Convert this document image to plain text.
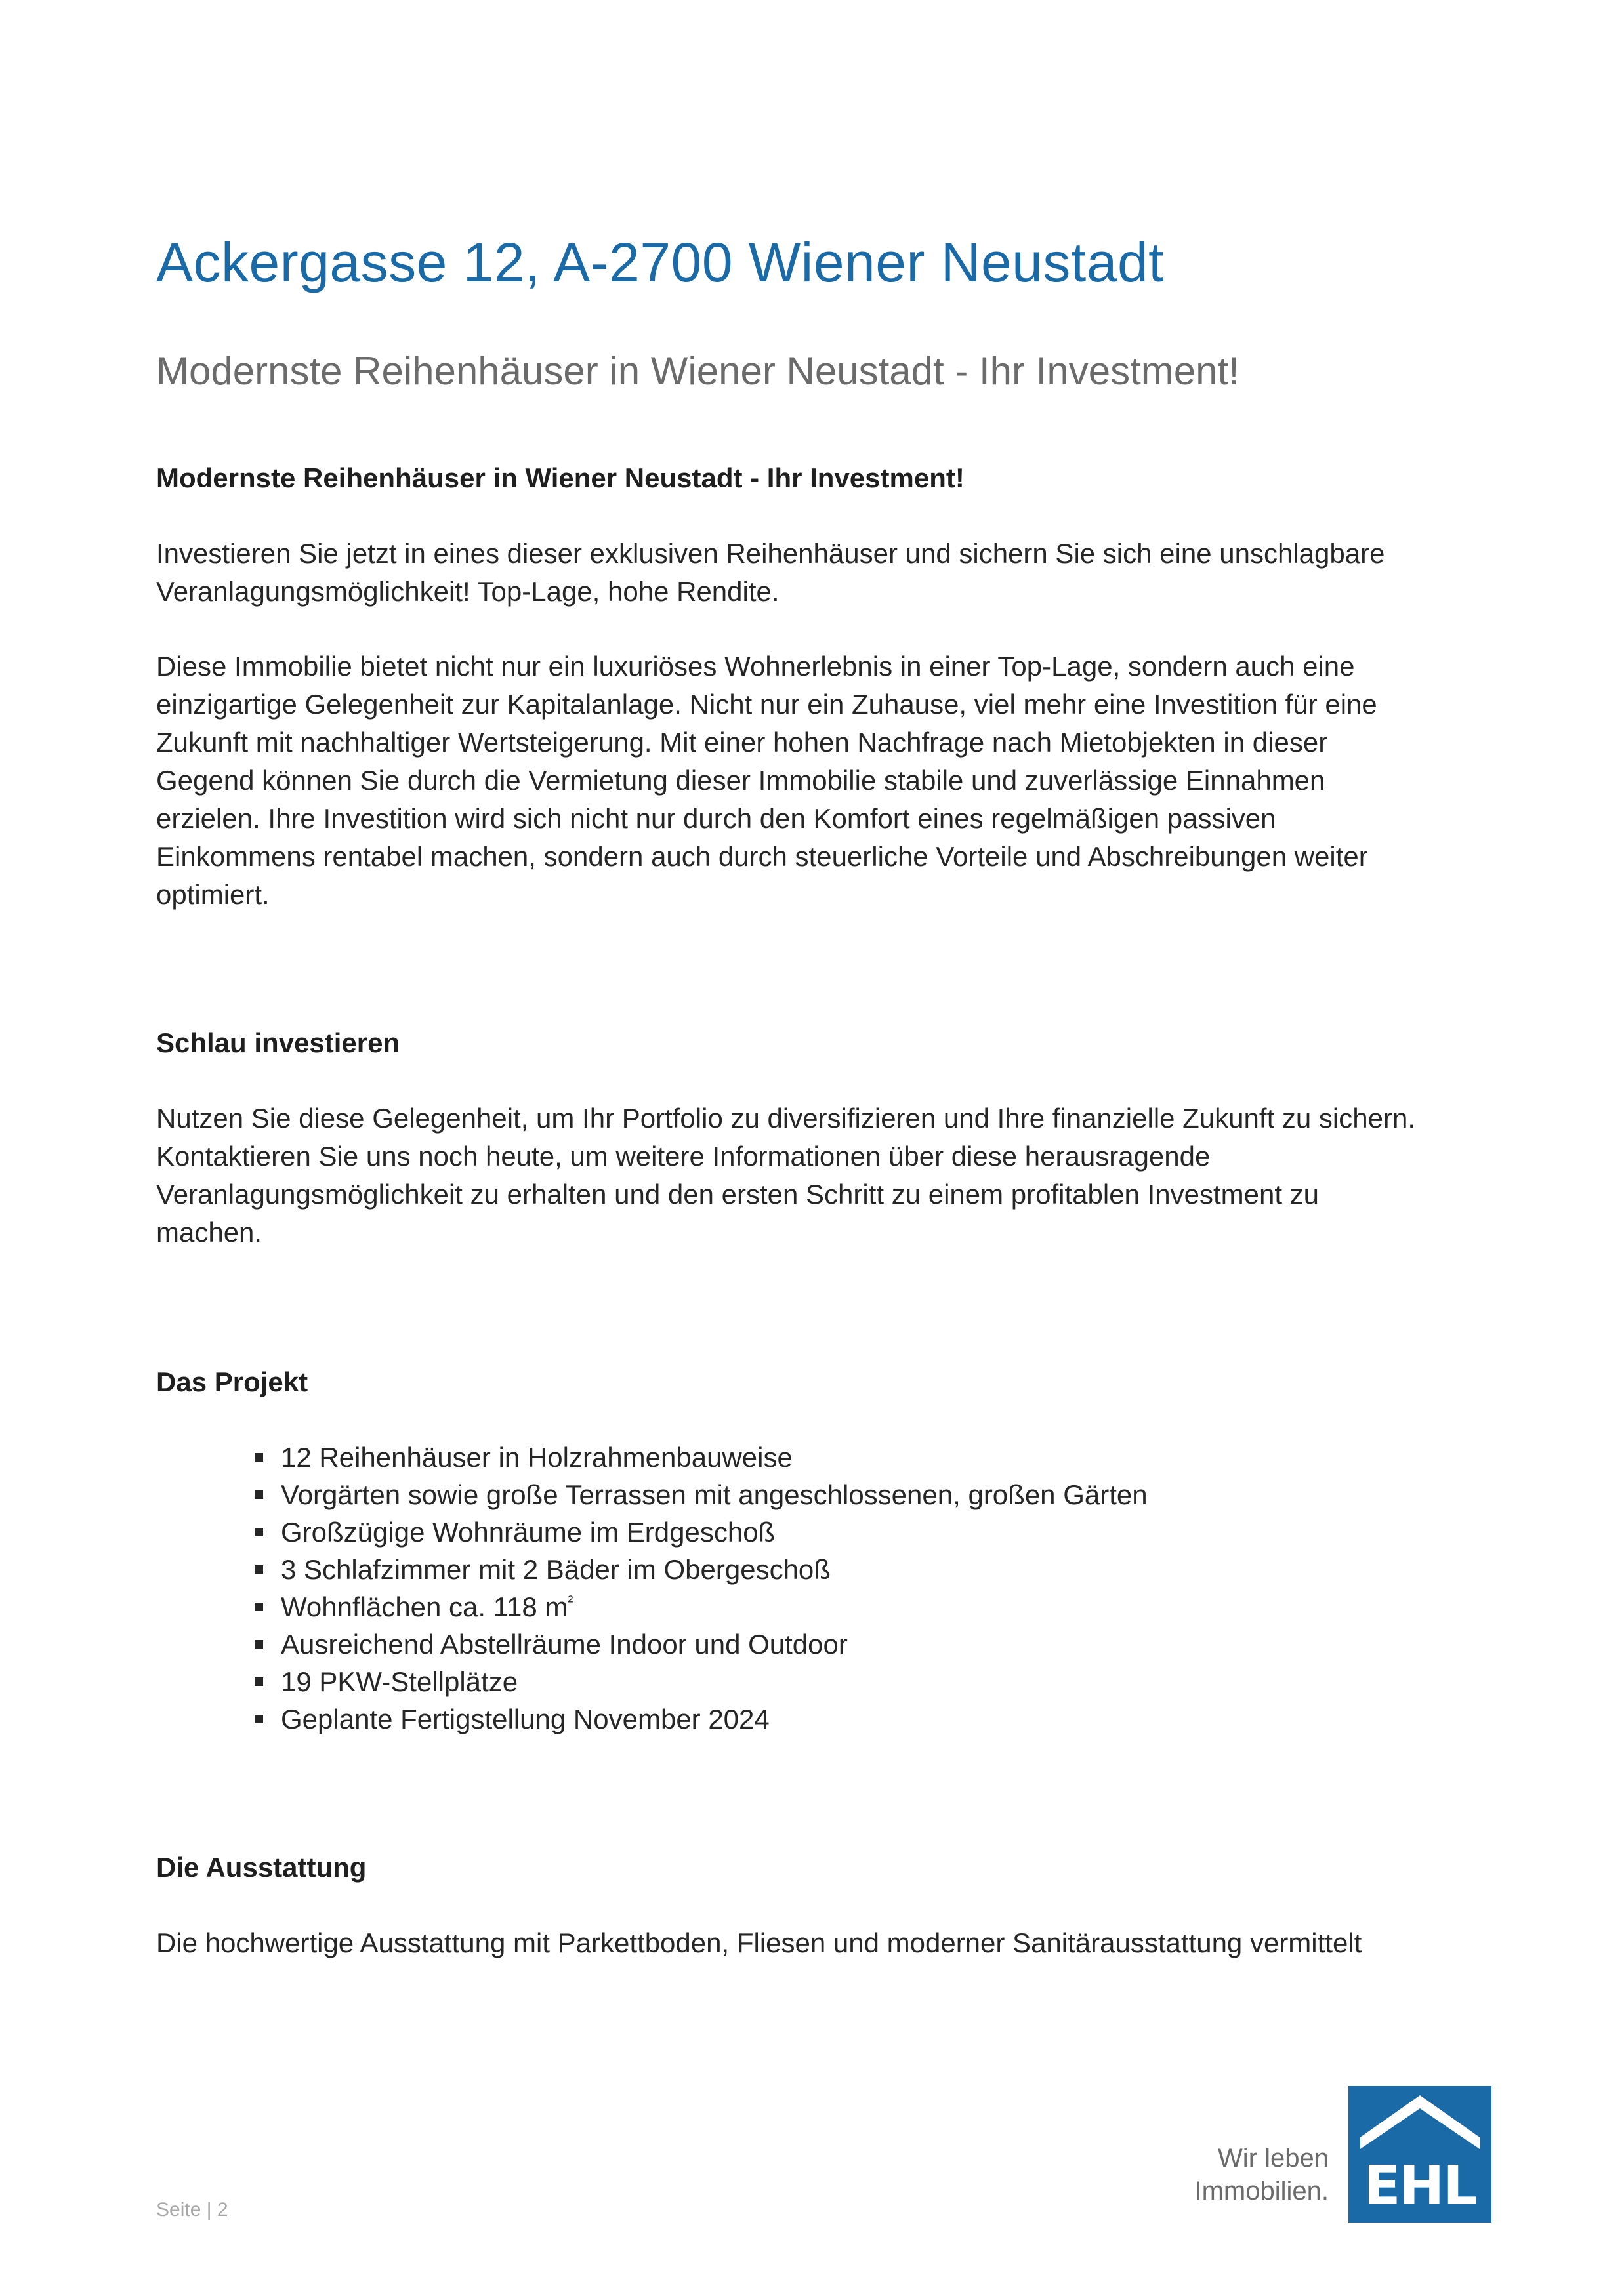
Ackergasse 12, A-2700 Wiener Neustadt
Modernste Reihenhäuser in Wiener Neustadt - Ihr Investment!
Modernste Reihenhäuser in Wiener Neustadt - Ihr Investment!
Investieren Sie jetzt in eines dieser exklusiven Reihenhäuser und sichern Sie sich eine unschlagbare
Veranlagungsmöglichkeit! Top-Lage, hohe Rendite.
Diese Immobilie bietet nicht nur ein luxuriöses Wohnerlebnis in einer Top-Lage, sondern auch eine
einzigartige Gelegenheit zur Kapitalanlage. Nicht nur ein Zuhause, viel mehr eine Investition für eine
Zukunft mit nachhaltiger Wertsteigerung. Mit einer hohen Nachfrage nach Mietobjekten in dieser
Gegend können Sie durch die Vermietung dieser Immobilie stabile und zuverlässige Einnahmen
erzielen. Ihre Investition wird sich nicht nur durch den Komfort eines regelmäßigen passiven
Einkommens rentabel machen, sondern auch durch steuerliche Vorteile und Abschreibungen weiter
optimiert.
Schlau investieren
Nutzen Sie diese Gelegenheit, um Ihr Portfolio zu diversifizieren und Ihre finanzielle Zukunft zu sichern.
Kontaktieren Sie uns noch heute, um weitere Informationen über diese herausragende
Veranlagungsmöglichkeit zu erhalten und den ersten Schritt zu einem profitablen Investment zu
machen.
Das Projekt
12 Reihenhäuser in Holzrahmenbauweise
Vorgärten sowie große Terrassen mit angeschlossenen, großen Gärten
Großzügige Wohnräume im Erdgeschoß
3 Schlafzimmer mit 2 Bäder im Obergeschoß
Wohnflächen ca. 118 $m^{^2}$
Ausreichend Abstellräume Indoor und Outdoor
19 PKW-Stellplätze
Geplante Fertigstellung November 2024
Die Ausstattung
Die hochwertige Ausstattung mit Parkettboden, Fliesen und moderner Sanitärausstattung vermittelt
Seite | 2
Wir leben
Immobilien. EHL
